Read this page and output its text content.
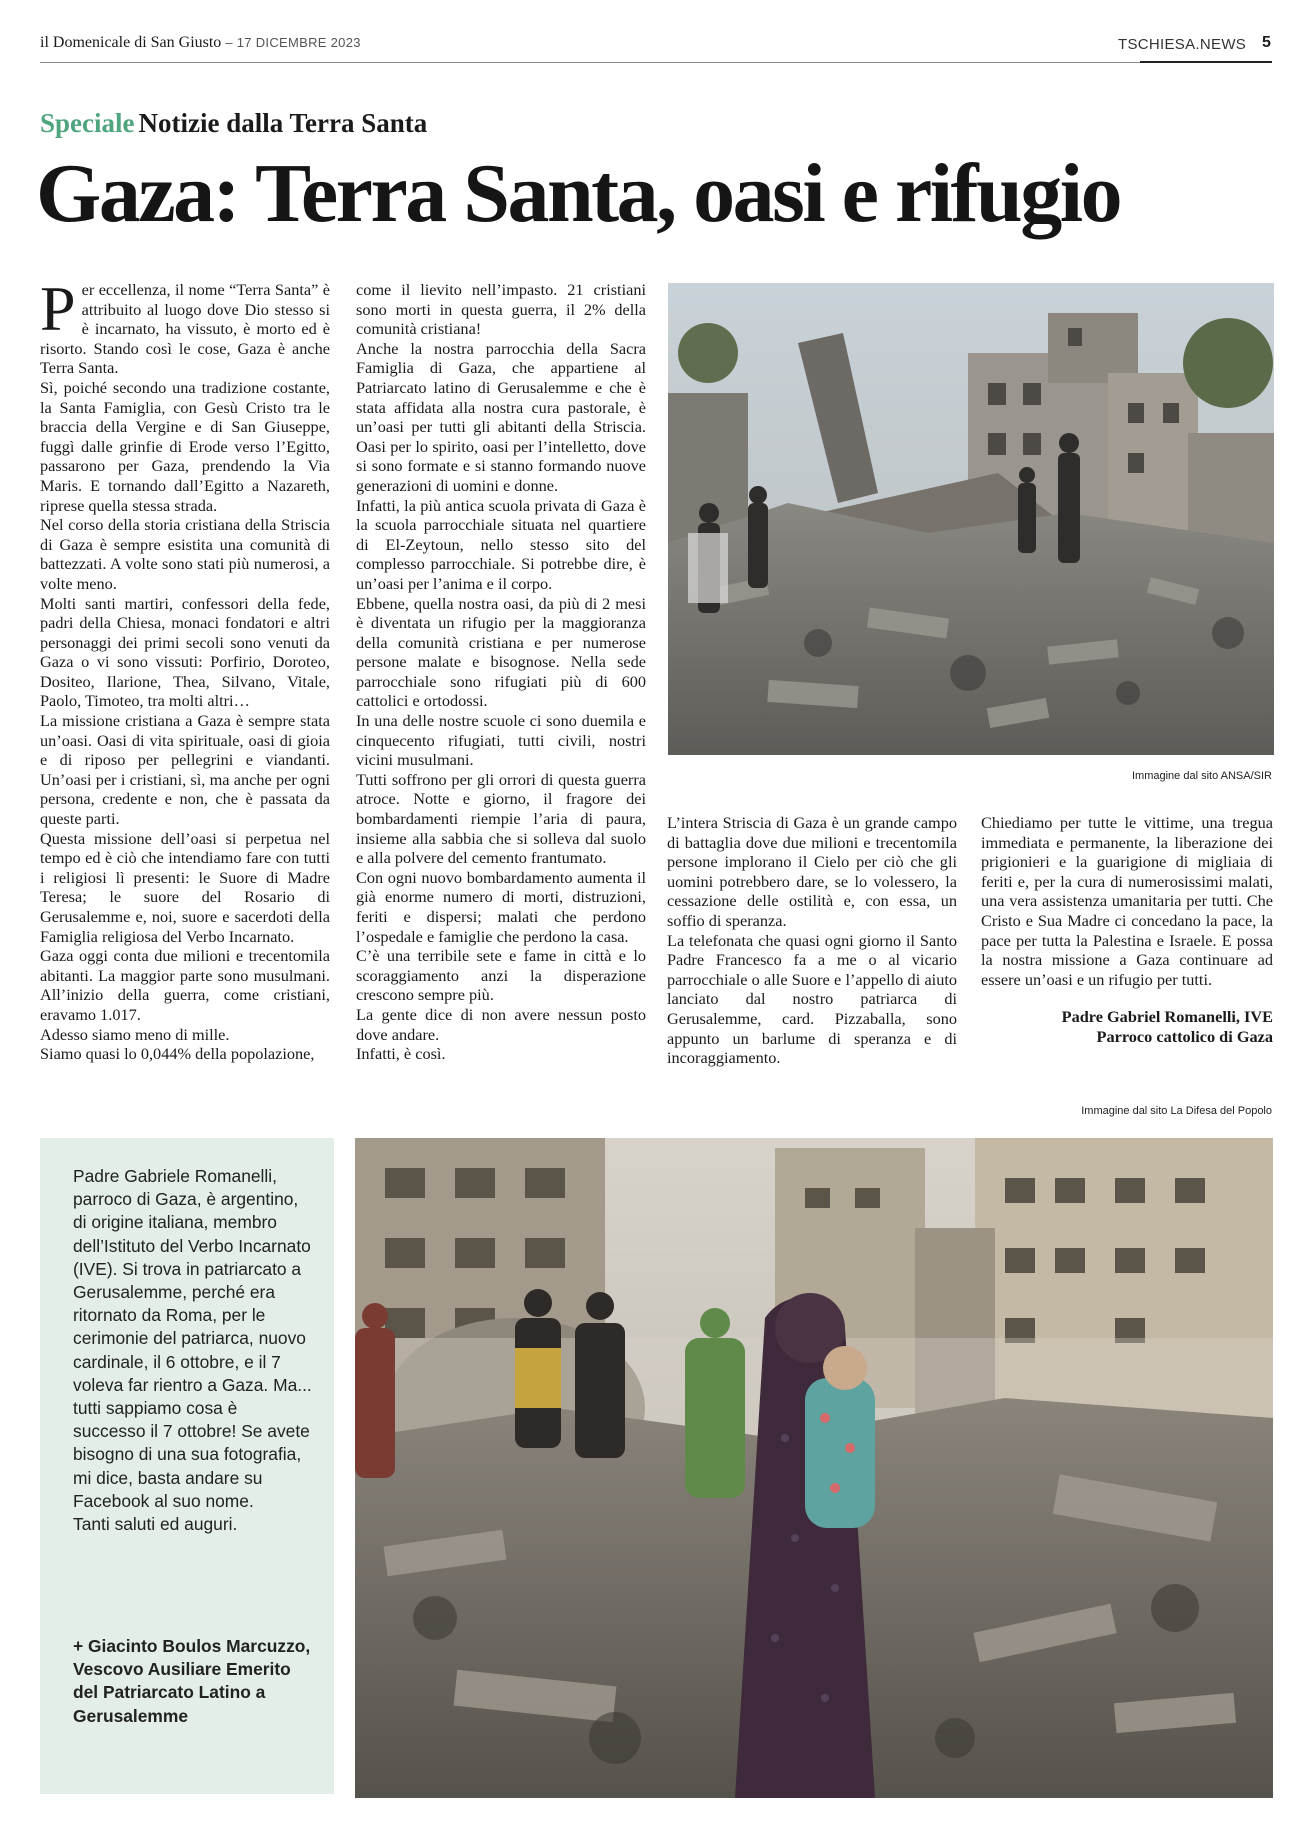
il Domenicale di San Giusto – 17 DICEMBRE 2023	TSCHIESA.NEWS 5
Speciale Notizie dalla Terra Santa
Gaza: Terra Santa, oasi e rifugio
P er eccellenza, il nome “Terra Santa” è attribuito al luogo dove Dio stesso si è incarnato, ha vissuto, è morto ed è risorto. Stando così le cose, Gaza è anche Terra Santa.

Sì, poiché secondo una tradizione costante, la Santa Famiglia, con Gesù Cristo tra le braccia della Vergine e di San Giuseppe, fuggì dalle grinfie di Erode verso l’Egitto, passarono per Gaza, prendendo la Via Maris. E tornando dall’Egitto a Nazareth, riprese quella stessa strada.

Nel corso della storia cristiana della Striscia di Gaza è sempre esistita una comunità di battezzati. A volte sono stati più numerosi, a volte meno.

Molti santi martiri, confessori della fede, padri della Chiesa, monaci fondatori e altri personaggi dei primi secoli sono venuti da Gaza o vi sono vissuti: Porfirio, Doroteo, Dositeo, Ilarione, Thea, Silvano, Vitale, Paolo, Timoteo, tra molti altri…

La missione cristiana a Gaza è sempre stata un’oasi. Oasi di vita spirituale, oasi di gioia e di riposo per pellegrini e viandanti. Un’oasi per i cristiani, sì, ma anche per ogni persona, credente e non, che è passata da queste parti.

Questa missione dell’oasi si perpetua nel tempo ed è ciò che intendiamo fare con tutti i religiosi lì presenti: le Suore di Madre Teresa; le suore del Rosario di Gerusalemme e, noi, suore e sacerdoti della Famiglia religiosa del Verbo Incarnato.

Gaza oggi conta due milioni e trecentomila abitanti. La maggior parte sono musulmani. All’inizio della guerra, come cristiani, eravamo 1.017.

Adesso siamo meno di mille.

Siamo quasi lo 0,044% della popolazione,

come il lievito nell’impasto. 21 cristiani sono morti in questa guerra, il 2% della comunità cristiana!

Anche la nostra parrocchia della Sacra Famiglia di Gaza, che appartiene al Patriarcato latino di Gerusalemme e che è stata affidata alla nostra cura pastorale, è un’oasi per tutti gli abitanti della Striscia. Oasi per lo spirito, oasi per l’intelletto, dove si sono formate e si stanno formando nuove generazioni di uomini e donne.

Infatti, la più antica scuola privata di Gaza è la scuola parrocchiale situata nel quartiere di El-Zeytoun, nello stesso sito del complesso parrocchiale. Si potrebbe dire, è un’oasi per l’anima e il corpo.

Ebbene, quella nostra oasi, da più di 2 mesi è diventata un rifugio per la maggioranza della comunità cristiana e per numerose persone malate e bisognose. Nella sede parrocchiale sono rifugiati più di 600 cattolici e ortodossi.

In una delle nostre scuole ci sono duemila e cinquecento rifugiati, tutti civili, nostri vicini musulmani.

Tutti soffrono per gli orrori di questa guerra atroce. Notte e giorno, il fragore dei bombardamenti riempie l’aria di paura, insieme alla sabbia che si solleva dal suolo e alla polvere del cemento frantumato.

Con ogni nuovo bombardamento aumenta il già enorme numero di morti, distruzioni, feriti e dispersi; malati che perdono l’ospedale e famiglie che perdono la casa.

C’è una terribile sete e fame in città e lo scoraggiamento anzi la disperazione crescono sempre più.

La gente dice di non avere nessun posto dove andare.

Infatti, è così.

Immagine dal sito ANSA/SIR

L’intera Striscia di Gaza è un grande campo di battaglia dove due milioni e trecentomila persone implorano il Cielo per ciò che gli uomini potrebbero dare, se lo volessero, la cessazione delle ostilità e, con essa, un soffio di speranza.

La telefonata che quasi ogni giorno il Santo Padre Francesco fa a me o al vicario parrocchiale o alle Suore e l’appello di aiuto lanciato dal nostro patriarca di Gerusalemme, card. Pizzaballa, sono appunto un barlume di speranza e di incoraggiamento.

Chiediamo per tutte le vittime, una tregua immediata e permanente, la liberazione dei prigionieri e la guarigione di migliaia di feriti e, per la cura di numerosissimi malati, una vera assistenza umanitaria per tutti. Che Cristo e Sua Madre ci concedano la pace, la pace per tutta la Palestina e Israele. E possa la nostra missione a Gaza continuare ad essere un’oasi e un rifugio per tutti.

Padre Gabriel Romanelli, IVE
Parroco cattolico di Gaza

Immagine dal sito La Difesa del Popolo

Padre Gabriele Romanelli, parroco di Gaza, è argentino, di origine italiana, membro dell’Istituto del Verbo Incarnato (IVE). Si trova in patriarcato a Gerusalemme, perché era ritornato da Roma, per le cerimonie del patriarca, nuovo cardinale, il 6 ottobre, e il 7 voleva far rientro a Gaza. Ma... tutti sappiamo cosa è successo il 7 ottobre! Se avete bisogno di una sua fotografia, mi dice, basta andare su Facebook al suo nome.

Tanti saluti ed auguri.

+ Giacinto Boulos Marcuzzo, Vescovo Ausiliare Emerito del Patriarcato Latino a Gerusalemme
